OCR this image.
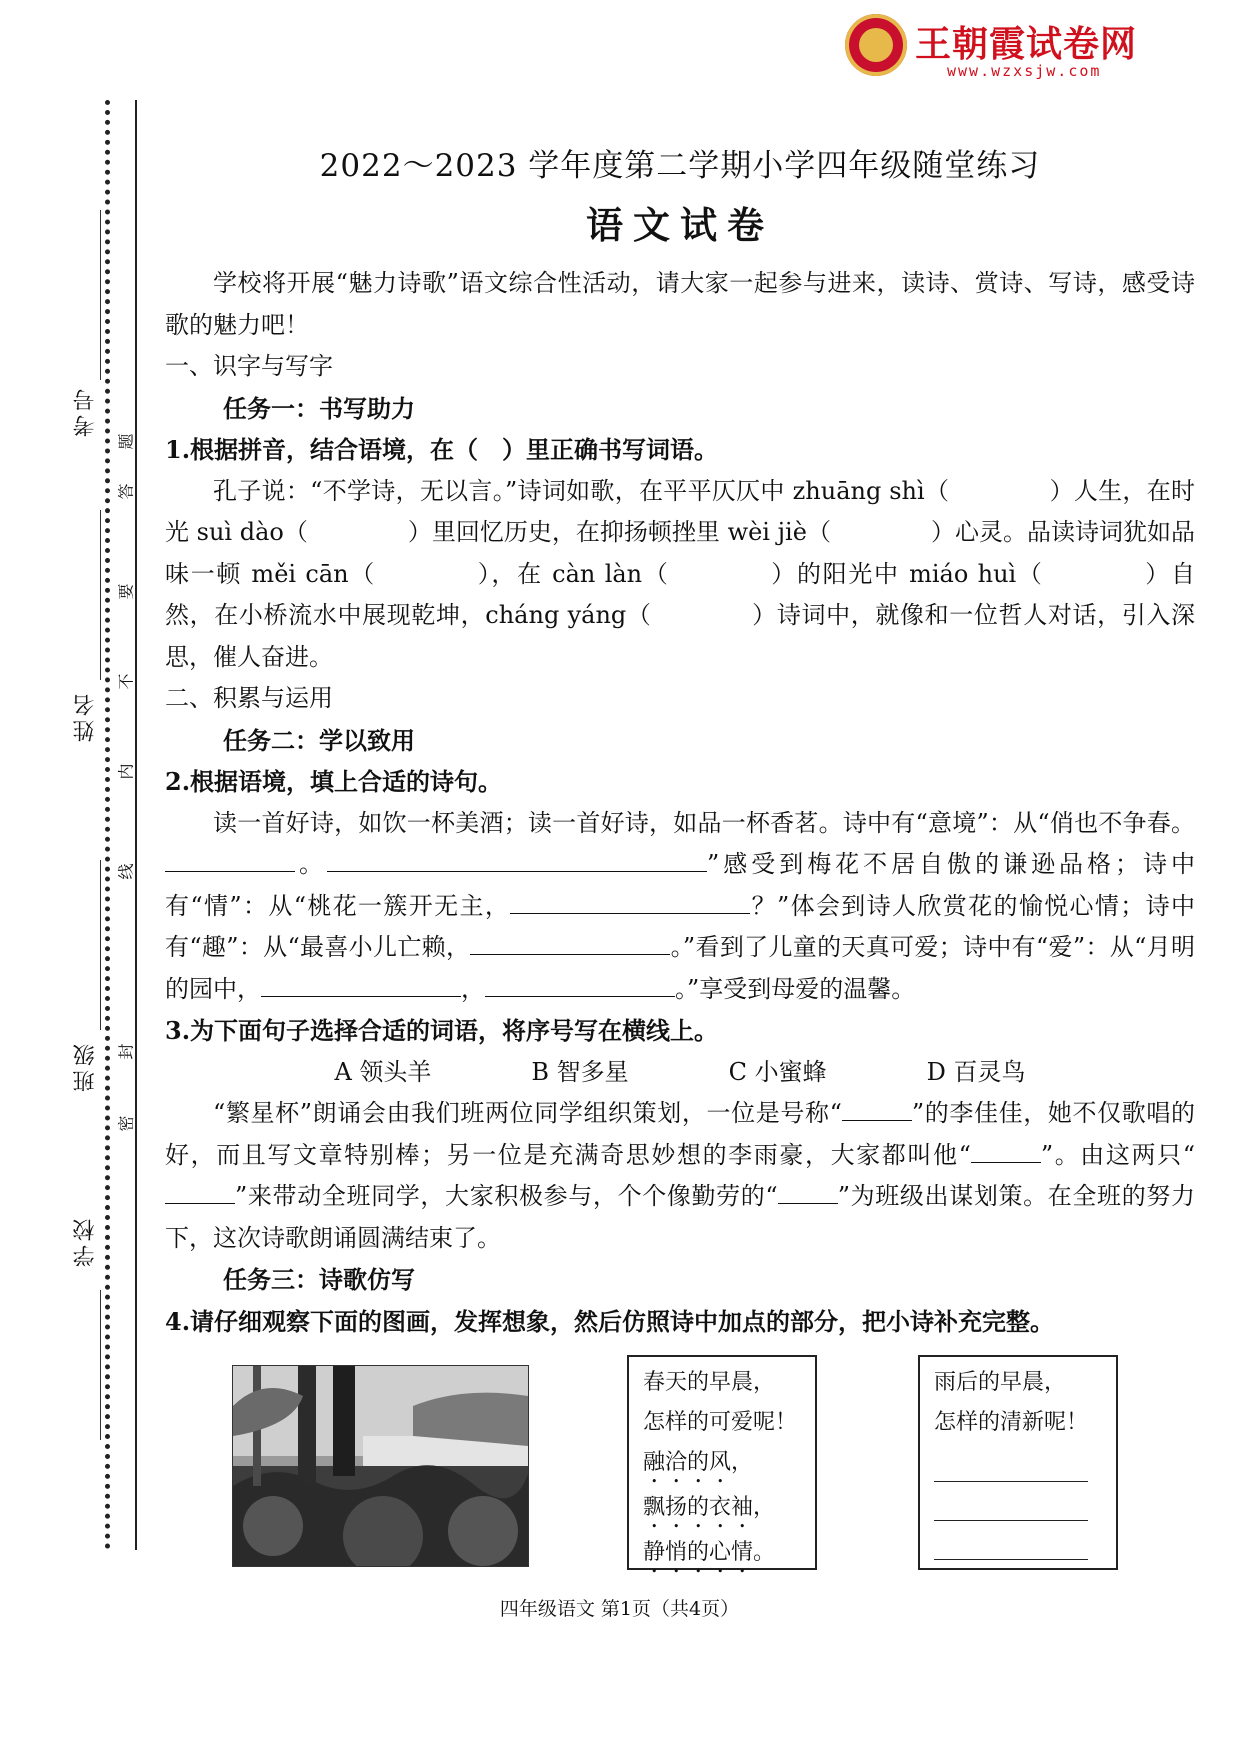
王朝霞试卷网
www.wzxsjw.com
题
答
要
不
内
线
封
密
考号
姓名
班级
学校
2022～2023 学年度第二学期小学四年级随堂练习
语文试卷

学校将开展“魅力诗歌”语文综合性活动，请大家一起参与进来，读诗、赏诗、写诗，感受诗歌的魅力吧！

一、识字与写字
任务一：书写助力
1.根据拼音，结合语境，在（　）里正确书写词语。

孔子说：“不学诗，无以言。”诗词如歌，在平平仄仄中 zhuāng shì（	）人生，在时光 suì dào（	）里回忆历史，在抑扬顿挫里 wèi jiè（	）心灵。品读诗词犹如品味一顿 měi cān（	），在 càn làn（	）的阳光中 miáo huì（	）自然，在小桥流水中展现乾坤，cháng yáng（	）诗词中，就像和一位哲人对话，引入深思，催人奋进。

二、积累与运用
任务二：学以致用
2.根据语境，填上合适的诗句。

读一首好诗，如饮一杯美酒；读一首好诗，如品一杯香茗。诗中有“意境”：从“俏也不争春。。	”感受到梅花不居自傲的谦逊品格；诗中有“情”：从“桃花一簇开无主，	？”体会到诗人欣赏花的愉悦心情；诗中有“趣”：从“最喜小儿亡赖，	。”看到了儿童的天真可爱；诗中有“爱”：从“月明的园中，	，	。”享受到母爱的温馨。

3.为下面句子选择合适的词语，将序号写在横线上。
A 领头羊	B 智多星	C 小蜜蜂	D 百灵鸟

“繁星杯”朗诵会由我们班两位同学组织策划，一位是号称“	”的李佳佳，她不仅歌唱的好，而且写文章特别棒；另一位是充满奇思妙想的李雨豪，大家都叫他“	”。由这两只“”来带动全班同学，大家积极参与，个个像勤劳的“	”为班级出谋划策。在全班的努力下，这次诗歌朗诵圆满结束了。

任务三：诗歌仿写
4.请仔细观察下面的图画，发挥想象，然后仿照诗中加点的部分，把小诗补充完整。
春天的早晨，
怎样的可爱呢！
融洽的风，
飘扬的衣袖，
静悄的心情。
雨后的早晨，
怎样的清新呢！
四年级语文 第1页（共4页）
